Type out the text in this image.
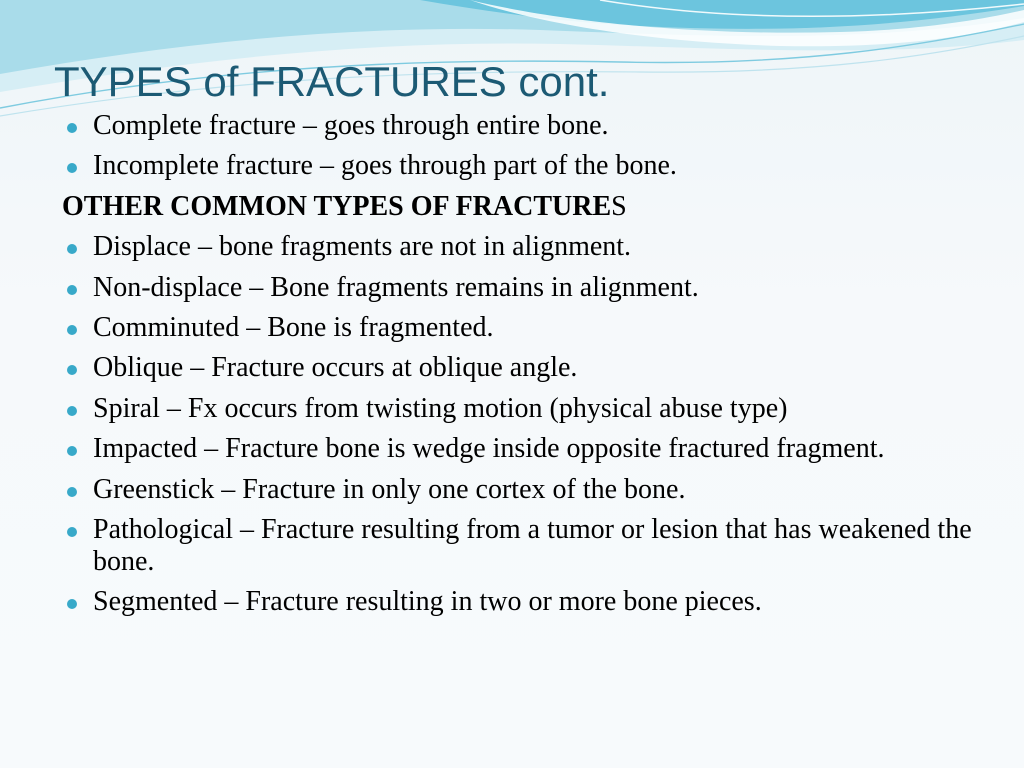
TYPES of FRACTURES cont.
Complete fracture – goes through entire bone.
Incomplete fracture – goes through part of the bone.
OTHER COMMON TYPES OF FRACTURES
Displace – bone fragments are not in alignment.
Non-displace – Bone fragments remains in alignment.
Comminuted – Bone is fragmented.
Oblique – Fracture occurs at oblique angle.
Spiral – Fx occurs from twisting motion (physical abuse type)
Impacted – Fracture bone is wedge inside opposite fractured fragment.
Greenstick – Fracture in only one cortex of the bone.
Pathological – Fracture resulting from a tumor or lesion that has weakened the bone.
Segmented – Fracture resulting in two or more bone pieces.
